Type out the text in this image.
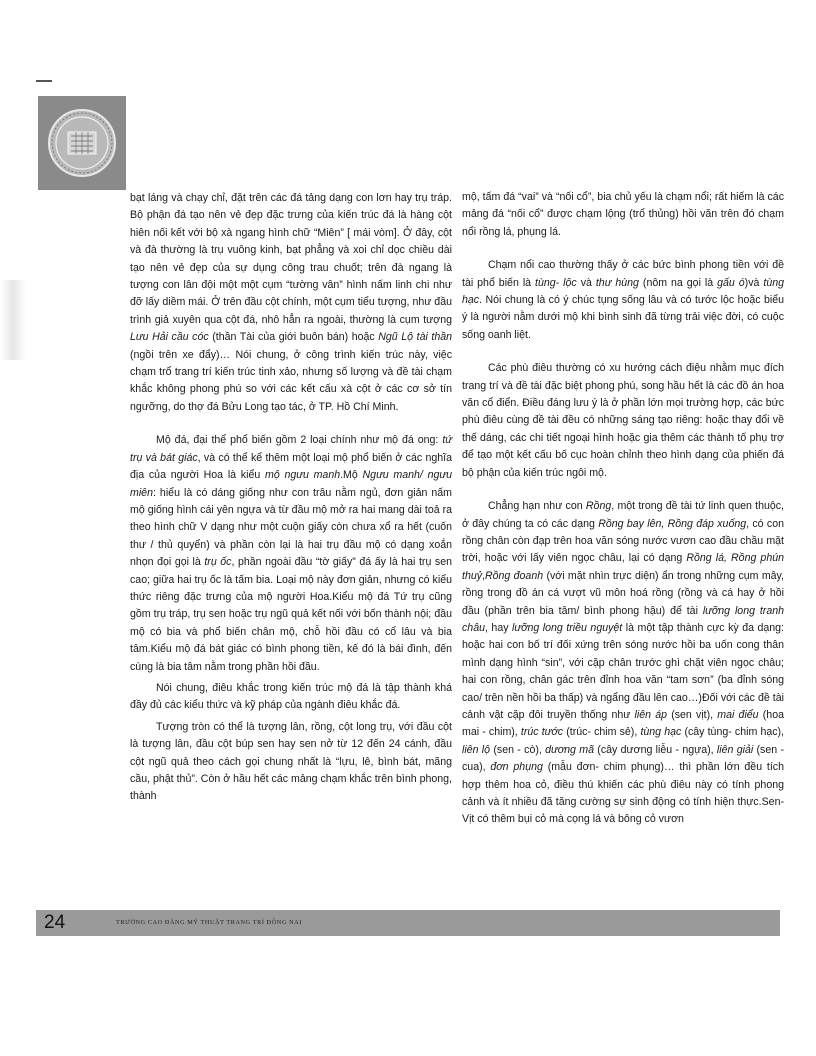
bạt láng và chạy chỉ, đặt trên các đá tảng dạng con lơn hay trụ tráp. Bộ phận đá tạo nên vẻ đẹp đặc trưng của kiến trúc đá là hàng cột hiên nối kết với bộ xà ngang hình chữ “Miên” [ mái vòm]. Ở đây, cột và đà thường là trụ vuông kinh, bạt phẳng và xoi chỉ dọc chiều dài tạo nên vẻ đẹp của sự dụng công trau chuốt; trên đà ngang là tượng con lân đội một một cụm “tường vân” hình nấm linh chi như đỡ lấy diềm mái. Ở trên đầu cột chính, một cụm tiểu tượng, như đầu trình giả xuyên qua cột đá, nhô hẳn ra ngoài, thường là cụm tượng Lưu Hải cầu cóc (thần Tài của giới buôn bán) hoặc Ngũ Lộ tài thần (ngồi trên xe đẩy)… Nói chung, ở công trình kiến trúc này, việc chạm trổ trang trí kiến trúc tinh xảo, nhưng số lượng và đề tài chạm khắc không phong phú so với các kết cấu xà cột ở các cơ sở tín ngưỡng, do thợ đá Bửu Long tạo tác, ở TP. Hồ Chí Minh.

Mộ đá, đại thể phổ biến gồm 2 loại chính như mộ đá ong: tứ trụ và bát giác, và có thể kể thêm một loại mộ phổ biến ở các nghĩa địa của người Hoa là kiểu mộ ngưu manh.Mộ Ngưu manh/ ngưu miên: hiểu là có dáng giống như con trâu nằm ngủ, đơn giản nấm mộ giống hình cái yên ngựa và từ đầu mộ mở ra hai mang dài toả ra theo hình chữ V dạng như một cuộn giấy còn chưa xổ ra hết (cuốn thư / thủ quyển) và phần còn lại là hai trụ đầu mộ có dạng xoắn nhọn đọi gọi là trụ ốc, phần ngoài đầu “tờ giấy” đá ấy là hai trụ sen cao; giữa hai trụ ốc là tấm bia. Loại mộ này đơn giản, nhưng có kiểu thức riêng đặc trưng của mộ người Hoa.Kiểu mộ đá Tứ trụ cũng gồm trụ tráp, trụ sen hoặc trụ ngũ quả kết nối với bốn thành nội; đầu mộ có bia và phổ biến chân mộ, chỗ hồi đầu có cổ lâu và bia tâm.Kiểu mộ đá bát giác có bình phong tiền, kế đó là bái đình, đến cùng là bia tâm nằm trong phần hồi đầu.

Nói chung, điêu khắc trong kiến trúc mộ đá là tập thành khá đầy đủ các kiểu thức và kỹ pháp của ngành điêu khắc đá.

Tượng tròn có thể là tượng lân, rồng, cột long trụ, với đầu cột là tượng lân, đầu cột búp sen hay sen nở từ 12 đến 24 cánh, đầu cột ngũ quả theo cách gọi chung nhất là “lựu, lê, bình bát, mãng cầu, phật thủ”. Còn ở hầu hết các mảng chạm khắc trên bình phong, thành

mộ, tấm đá “vai” và “nối cổ”, bia chủ yếu là chạm nổi; rất hiếm là các mảng đá “nối cổ” được chạm lộng (trổ thủng) hồi văn trên đó chạm nổi rồng lá, phụng lá.

Chạm nổi cao thường thấy ở các bức bình phong tiền với đề tài phổ biến là tùng- lộc và thư hùng (nôm na gọi là gấu ó)và tùng hạc. Nói chung là có ý chúc tụng sống lâu và có tước lộc hoặc biểu ý là người nằm dưới mộ khi bình sinh đã từng trải việc đời, có cuộc sống oanh liệt.

Các phù điêu thường có xu hướng cách điệu nhằm mục đích trang trí và đề tài đặc biệt phong phú, song hầu hết là các đồ án hoa văn cổ điển. Điều đáng lưu ý là ở phần lớn mọi trường hợp, các bức phù điêu cùng đề tài đều có những sáng tạo riêng: hoặc thay đổi về thế dáng, các chi tiết ngoại hình hoặc gia thêm các thành tố phụ trợ để tạo một kết cấu bố cục hoàn chỉnh theo hình dạng của phiến đá bộ phận của kiến trúc ngôi mộ.

Chẳng hạn như con Rồng, một trong đề tài tứ linh quen thuộc, ở đây chúng ta có các dạng Rồng bay lên, Rồng đáp xuống, có con rồng chân còn đạp trên hoa văn sóng nước vươn cao đầu chầu mặt trời, hoặc với lấy viên ngọc châu, lại có dạng Rồng lá, Rồng phún thuỷ,Rồng đoanh (với mặt nhìn trực diện) ẩn trong những cụm mây, rồng trong đồ án cá vượt vũ môn hoá rồng (rồng và cá hay ở hồi đầu (phần trên bia tâm/ bình phong hậu) để tài lưỡng long tranh châu, hay lưỡng long triều nguyệt là một tập thành cực kỳ đa dạng: hoặc hai con bố trí đối xứng trên sóng nước hồi ba uốn cong thân mình dạng hình “sin”, với cặp chân trước ghì chặt viên ngọc châu; hai con rồng, chân gác trên đỉnh hoa văn “tam sơn” (ba đỉnh sóng cao/ trên nền hồi ba thấp) và ngẩng đầu lên cao…)Đối với các đề tài cảnh vật cặp đôi truyền thống như liên áp (sen vịt), mai điểu (hoa mai - chim), trúc tước (trúc- chim sẻ), tùng hạc (cây tùng- chim hạc), liên lộ (sen - cò), dương mã (cây dương liễu - ngựa), liên giải (sen - cua), đơn phụng (mẫu đơn- chim phụng)… thì phần lớn đều tích hợp thêm hoa cỏ, điều thú khiến các phù điêu này có tính phong cảnh và ít nhiều đã tăng cường sự sinh động có tính hiện thực.Sen-Vịt có thêm bụi cỏ mà cọng lá và bông cỏ vươn

24	TRƯỜNG CAO ĐẲNG MỸ THUẬT TRANG TRÍ ĐỒNG NAI
